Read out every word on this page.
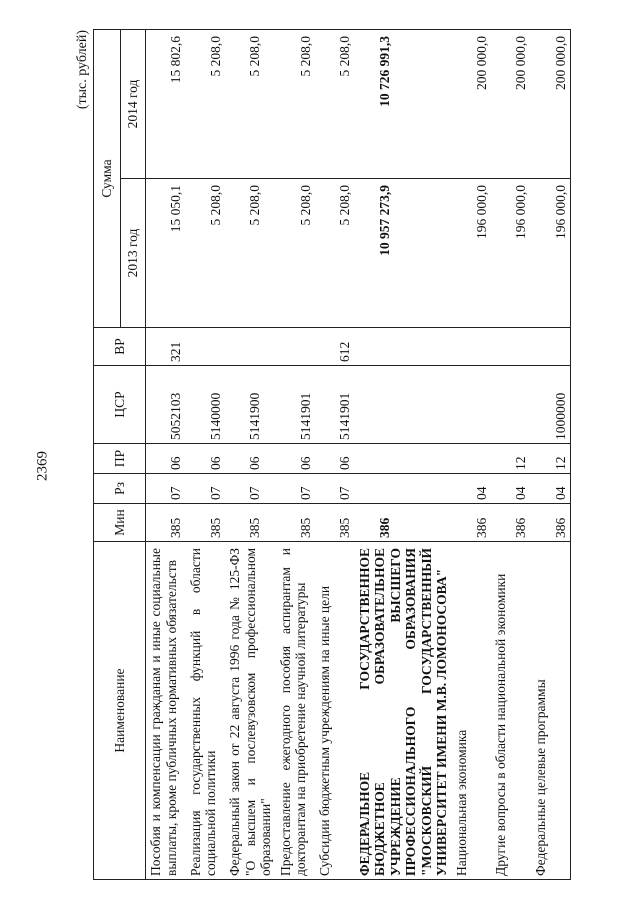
2369
(тыс. рублей)
Наименование	Мин	Рз	ПР	ЦСР	ВР	Сумма	
						2013 год	2014 год
Пособия и компенсации гражданам и иные социальные выплаты, кроме публичных нормативных обязательств	385	07	06	5052103	321	15 050,1	15 802,6
Реализация государственных функций в области социальной политики	385	07	06	5140000		5 208,0	5 208,0
Федеральный закон от 22 августа 1996 года № 125-ФЗ "О высшем и послевузовском профессиональном образовании"	385	07	06	5141900		5 208,0	5 208,0
Предоставление ежегодного пособия аспирантам и докторантам на приобретение научной литературы	385	07	06	5141901		5 208,0	5 208,0
Субсидии бюджетным учреждениям на иные цели	385	07	06	5141901	612	5 208,0	5 208,0
ФЕДЕРАЛЬНОЕ ГОСУДАРСТВЕННОЕ БЮДЖЕТНОЕ ОБРАЗОВАТЕЛЬНОЕ УЧРЕЖДЕНИЕ ВЫСШЕГО ПРОФЕССИОНАЛЬНОГО ОБРАЗОВАНИЯ "МОСКОВСКИЙ ГОСУДАРСТВЕННЫЙ УНИВЕРСИТЕТ ИМЕНИ М.В. ЛОМОНОСОВА"	386					10 957 273,9	10 726 991,3
Национальная экономика	386	04				196 000,0	200 000,0
Другие вопросы в области национальной экономики	386	04	12			196 000,0	200 000,0
Федеральные целевые программы	386	04	12	1000000		196 000,0	200 000,0
